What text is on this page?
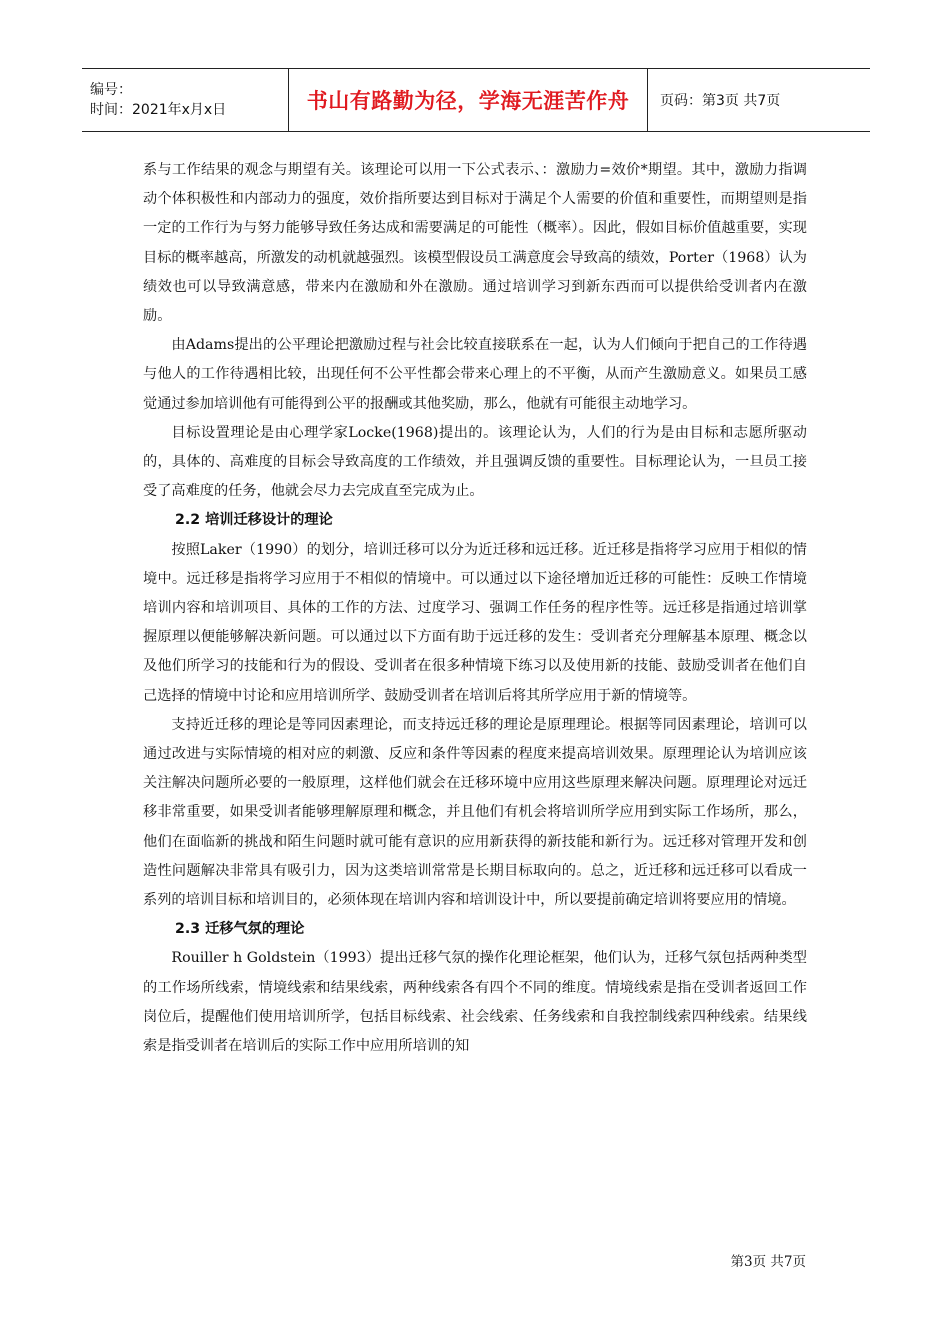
编号：
时间：2021年x月x日	书山有路勤为径，学海无涯苦作舟 页码：第3页 共7页

系与工作结果的观念与期望有关。该理论可以用一下公式表示、：激励力=效价*期望。其中，激励力指调动个体积极性和内部动力的强度，效价指所要达到目标对于满足个人需要的价值和重要性，而期望则是指一定的工作行为与努力能够导致任务达成和需要满足的可能性（概率）。因此，假如目标价值越重要，实现目标的概率越高，所激发的动机就越强烈。该模型假设员工满意度会导致高的绩效，Porter（1968）认为绩效也可以导致满意感，带来内在激励和外在激励。通过培训学习到新东西而可以提供给受训者内在激励。

由Adams提出的公平理论把激励过程与社会比较直接联系在一起，认为人们倾向于把自己的工作待遇与他人的工作待遇相比较，出现任何不公平性都会带来心理上的不平衡，从而产生激励意义。如果员工感觉通过参加培训他有可能得到公平的报酬或其他奖励，那么，他就有可能很主动地学习。

目标设置理论是由心理学家Locke(1968)提出的。该理论认为，人们的行为是由目标和志愿所驱动的，具体的、高难度的目标会导致高度的工作绩效，并且强调反馈的重要性。目标理论认为，一旦员工接受了高难度的任务，他就会尽力去完成直至完成为止。

2.2 培训迁移设计的理论

按照Laker（1990）的划分，培训迁移可以分为近迁移和远迁移。近迁移是指将学习应用于相似的情境中。远迁移是指将学习应用于不相似的情境中。可以通过以下途径增加近迁移的可能性：反映工作情境培训内容和培训项目、具体的工作的方法、过度学习、强调工作任务的程序性等。远迁移是指通过培训掌握原理以便能够解决新问题。可以通过以下方面有助于远迁移的发生：受训者充分理解基本原理、概念以及他们所学习的技能和行为的假设、受训者在很多种情境下练习以及使用新的技能、鼓励受训者在他们自己选择的情境中讨论和应用培训所学、鼓励受训者在培训后将其所学应用于新的情境等。

支持近迁移的理论是等同因素理论，而支持远迁移的理论是原理理论。根据等同因素理论，培训可以通过改进与实际情境的相对应的刺激、反应和条件等因素的程度来提高培训效果。原理理论认为培训应该关注解决问题所必要的一般原理，这样他们就会在迁移环境中应用这些原理来解决问题。原理理论对远迁移非常重要，如果受训者能够理解原理和概念，并且他们有机会将培训所学应用到实际工作场所，那么，他们在面临新的挑战和陌生问题时就可能有意识的应用新获得的新技能和新行为。远迁移对管理开发和创造性问题解决非常具有吸引力，因为这类培训常常是长期目标取向的。总之，近迁移和远迁移可以看成一系列的培训目标和培训目的，必须体现在培训内容和培训设计中，所以要提前确定培训将要应用的情境。

2.3 迁移气氛的理论

Rouiller h Goldstein（1993）提出迁移气氛的操作化理论框架，他们认为，迁移气氛包括两种类型的工作场所线索，情境线索和结果线索，两种线索各有四个不同的维度。情境线索是指在受训者返回工作岗位后，提醒他们使用培训所学，包括目标线索、社会线索、任务线索和自我控制线索四种线索。结果线索是指受训者在培训后的实际工作中应用所培训的知

第3页 共7页
